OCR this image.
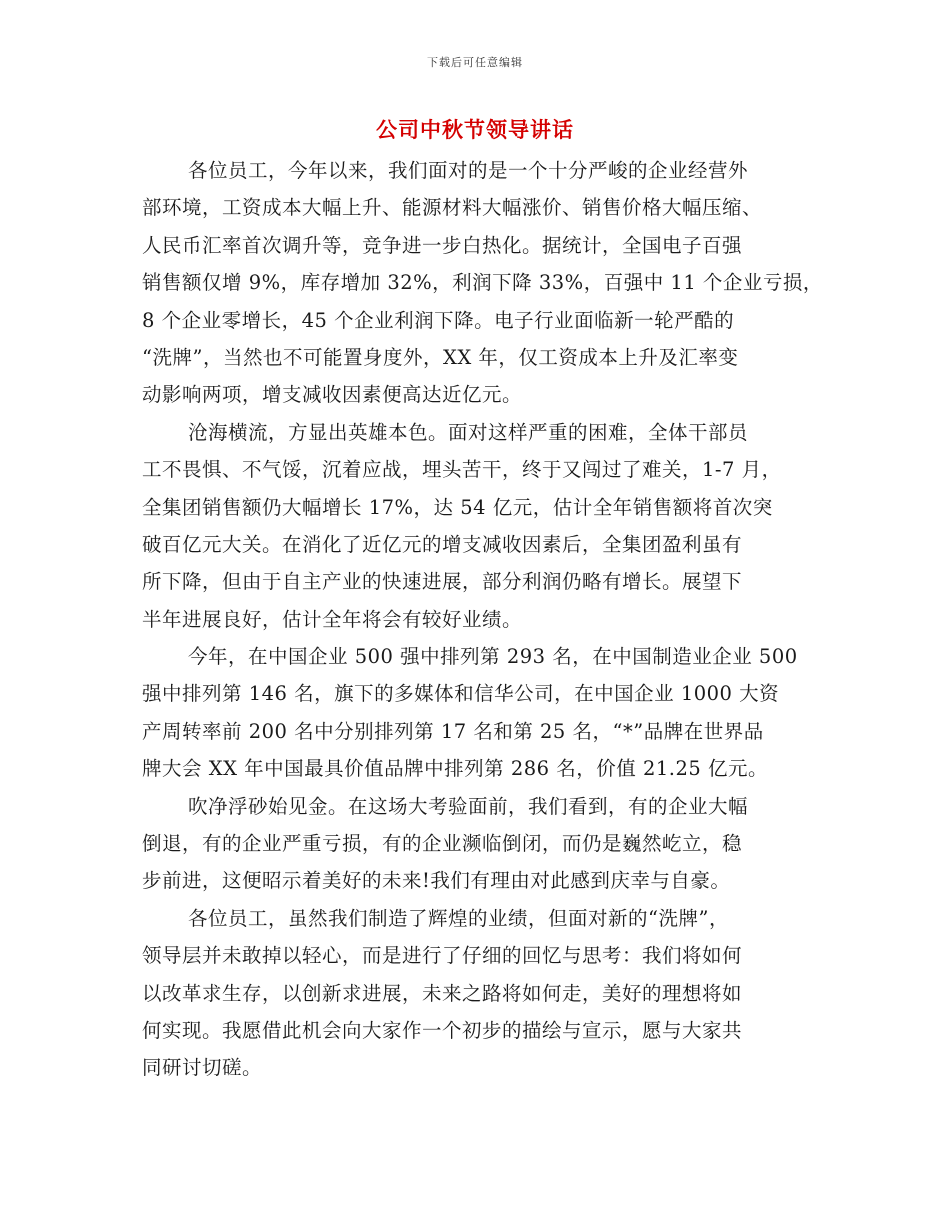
下载后可任意编辑
公司中秋节领导讲话
各位员工，今年以来，我们面对的是一个十分严峻的企业经营外
部环境，工资成本大幅上升、能源材料大幅涨价、销售价格大幅压缩、
人民币汇率首次调升等，竞争进一步白热化。据统计，全国电子百强
销售额仅增 9%，库存增加 32%，利润下降 33%，百强中 11 个企业亏损，
8 个企业零增长，45 个企业利润下降。电子行业面临新一轮严酷的
“洗牌”，当然也不可能置身度外，XX 年，仅工资成本上升及汇率变
动影响两项，增支减收因素便高达近亿元。
沧海横流，方显出英雄本色。面对这样严重的困难，全体干部员
工不畏惧、不气馁，沉着应战，埋头苦干，终于又闯过了难关，1-7 月，
全集团销售额仍大幅增长 17%，达 54 亿元，估计全年销售额将首次突
破百亿元大关。在消化了近亿元的增支减收因素后，全集团盈利虽有
所下降，但由于自主产业的快速进展，部分利润仍略有增长。展望下
半年进展良好，估计全年将会有较好业绩。
今年，在中国企业 500 强中排列第 293 名，在中国制造业企业 500
强中排列第 146 名，旗下的多媒体和信华公司，在中国企业 1000 大资
产周转率前 200 名中分别排列第 17 名和第 25 名，“*”品牌在世界品
牌大会 XX 年中国最具价值品牌中排列第 286 名，价值 21.25 亿元。
吹净浮砂始见金。在这场大考验面前，我们看到，有的企业大幅
倒退，有的企业严重亏损，有的企业濒临倒闭，而仍是巍然屹立，稳
步前进，这便昭示着美好的未来!我们有理由对此感到庆幸与自豪。
各位员工，虽然我们制造了辉煌的业绩，但面对新的“洗牌”，
领导层并未敢掉以轻心，而是进行了仔细的回忆与思考：我们将如何
以改革求生存，以创新求进展，未来之路将如何走，美好的理想将如
何实现。我愿借此机会向大家作一个初步的描绘与宣示，愿与大家共
同研讨切磋。
